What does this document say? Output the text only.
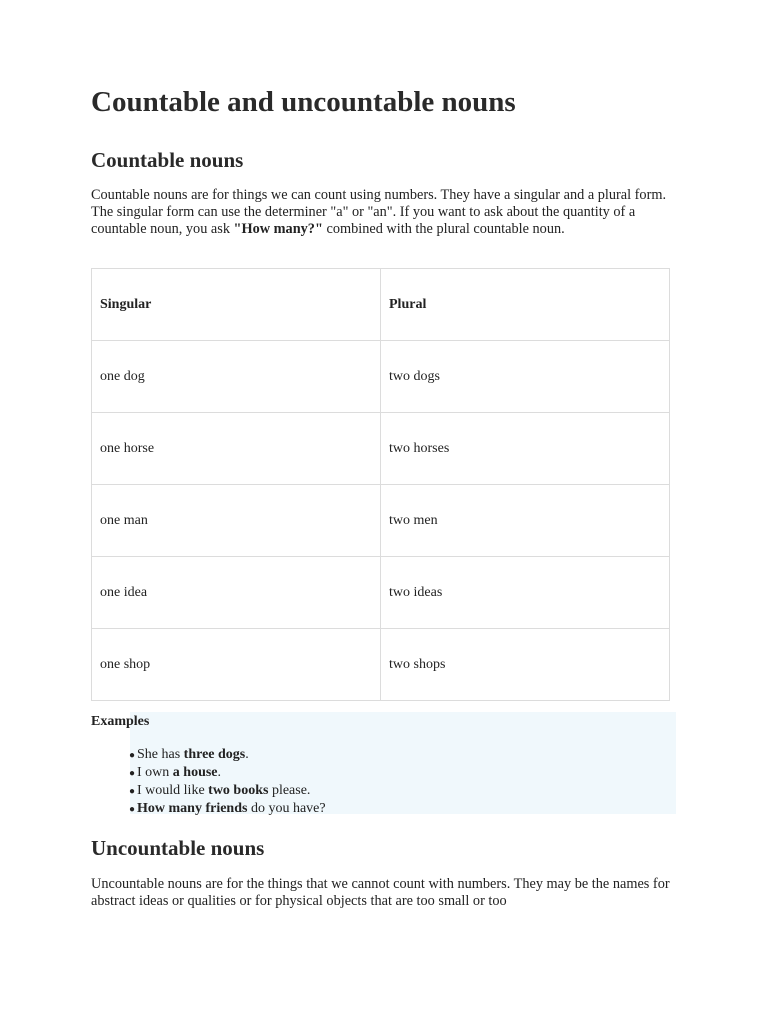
Countable and uncountable nouns
Countable nouns

Countable nouns are for things we can count using numbers. They have a singular and a plural form. The singular form can use the determiner "a" or "an". If you want to ask about the quantity of a countable noun, you ask "How many?" combined with the plural countable noun.

Singular	Plural
one dog	two dogs
one horse	two horses
one man	two men
one idea	two ideas
one shop	two shops
Examples
● She has three dogs.
● I own a house.
● I would like two books please.
● How many friends do you have?
Uncountable nouns

Uncountable nouns are for the things that we cannot count with numbers. They may be the names for abstract ideas or qualities or for physical objects that are too small or too
